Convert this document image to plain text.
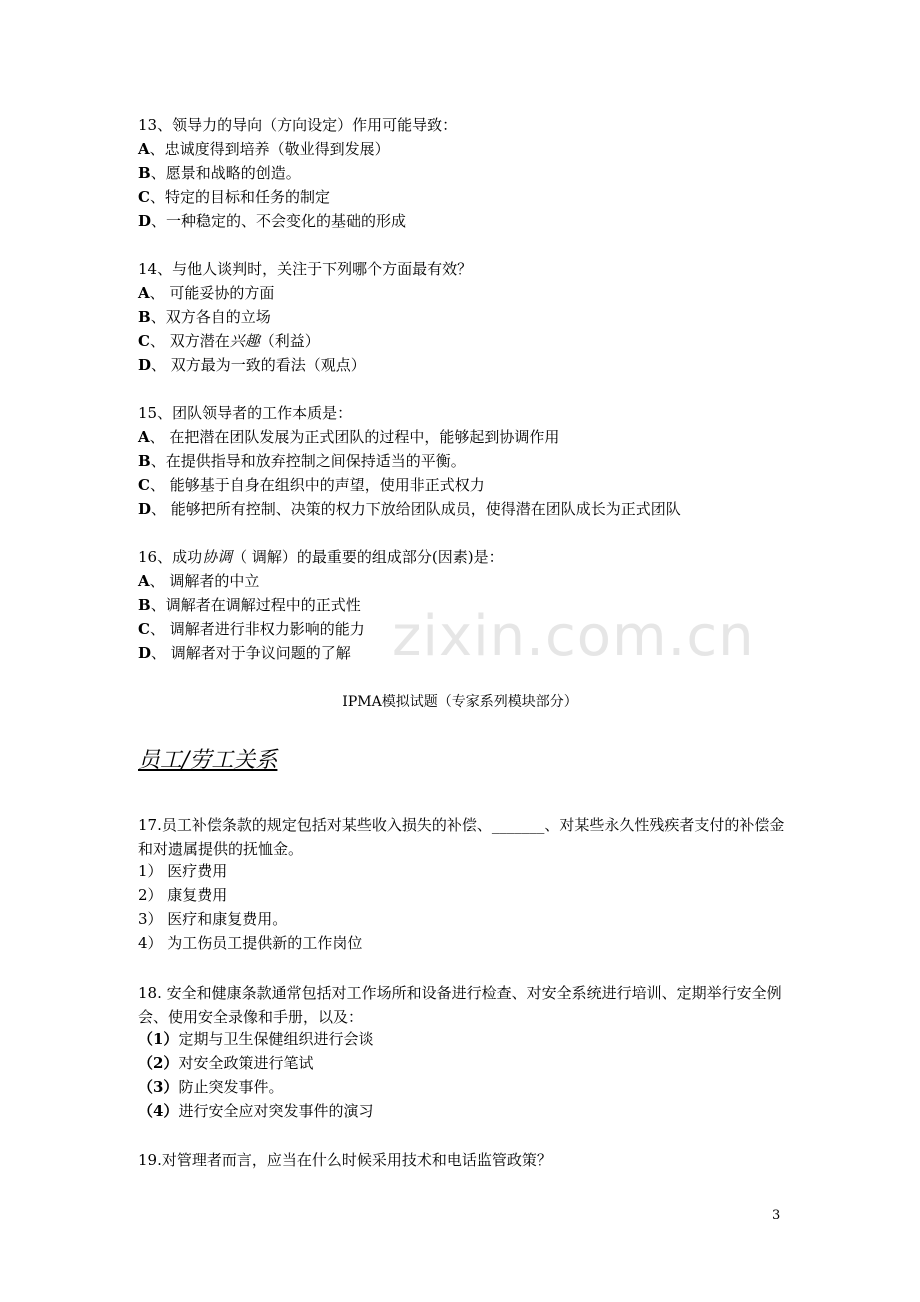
zixin.com.cn
13、领导力的导向（方向设定）作用可能导致：
A、忠诚度得到培养（敬业得到发展）
B、愿景和战略的创造。
C、特定的目标和任务的制定
D、一种稳定的、不会变化的基础的形成
14、与他人谈判时，关注于下列哪个方面最有效？
A、 可能妥协的方面
B、双方各自的立场
C、 双方潜在兴趣（利益）
D、 双方最为一致的看法（观点）
15、团队领导者的工作本质是：
A、 在把潜在团队发展为正式团队的过程中，能够起到协调作用
B、在提供指导和放弃控制之间保持适当的平衡。
C、 能够基于自身在组织中的声望，使用非正式权力
D、 能够把所有控制、决策的权力下放给团队成员，使得潜在团队成长为正式团队
16、成功协调（ 调解）的最重要的组成部分(因素)是：
A、 调解者的中立
B、调解者在调解过程中的正式性
C、 调解者进行非权力影响的能力
D、 调解者对于争议问题的了解
IPMA模拟试题（专家系列模块部分）
员工/劳工关系
17.员工补偿条款的规定包括对某些收入损失的补偿、_______、对某些永久性残疾者支付的补偿金和对遗属提供的抚恤金。
1） 医疗费用
2） 康复费用
3） 医疗和康复费用。
4） 为工伤员工提供新的工作岗位
18. 安全和健康条款通常包括对工作场所和设备进行检查、对安全系统进行培训、定期举行安全例会、使用安全录像和手册，以及：
（1）定期与卫生保健组织进行会谈
（2）对安全政策进行笔试
（3）防止突发事件。
（4）进行安全应对突发事件的演习
19.对管理者而言，应当在什么时候采用技术和电话监管政策？
3
